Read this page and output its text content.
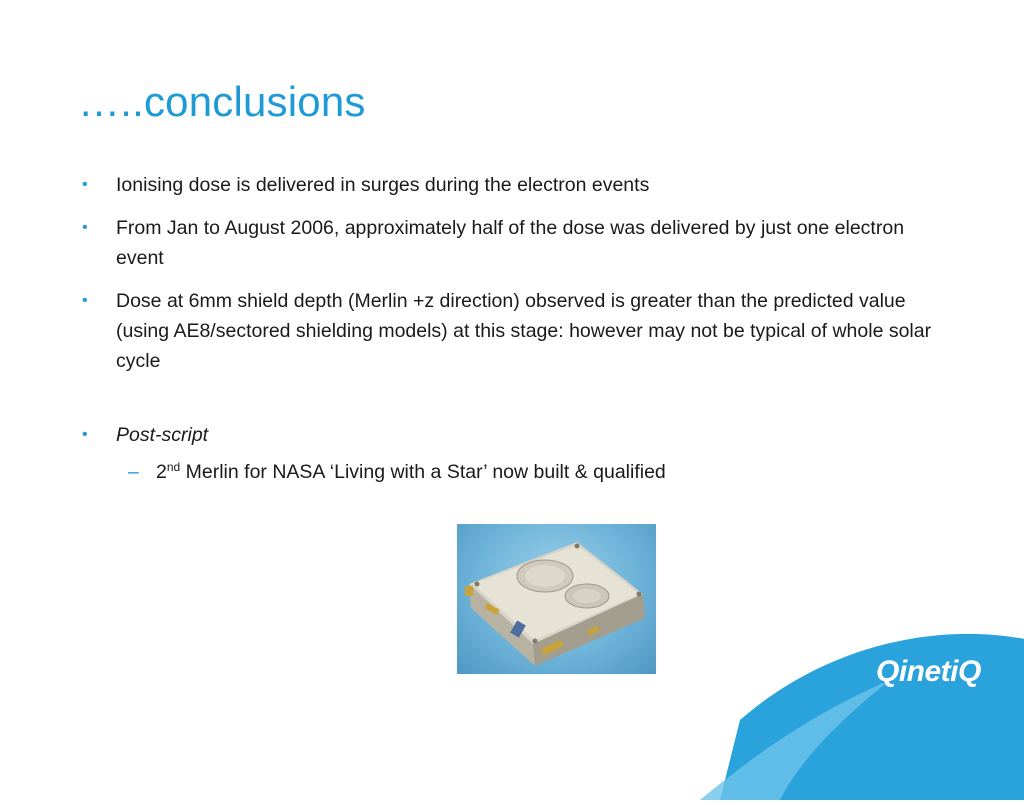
…..conclusions
• Ionising dose is delivered in surges during the electron events
• From Jan to August 2006, approximately half of the dose was delivered by just one electron event
• Dose at 6mm shield depth (Merlin +z direction) observed is greater than the predicted value (using AE8/sectored shielding models) at this stage: however may not be typical of whole solar cycle
• Post-script
– 2nd Merlin for NASA ‘Living with a Star’ now built & qualified
QinetiQ
